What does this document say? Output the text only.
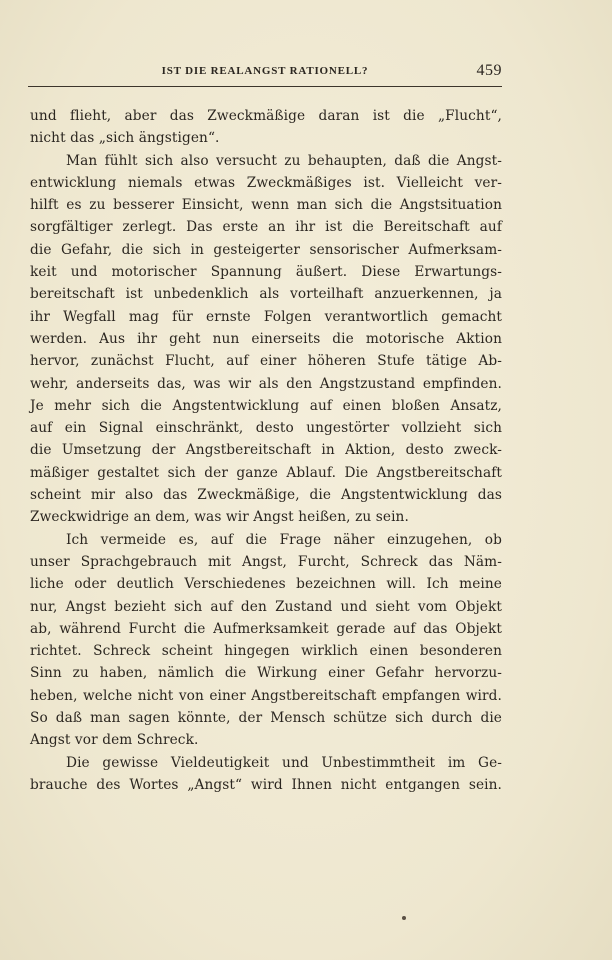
IST DIE REALANGST RATIONELL?	459
und flieht, aber das Zweckmäßige daran ist die „Flucht“,
nicht das „sich ängstigen“.
Man fühlt sich also versucht zu behaupten, daß die Angst-
entwicklung niemals etwas Zweckmäßiges ist. Vielleicht ver-
hilft es zu besserer Einsicht, wenn man sich die Angstsituation
sorgfältiger zerlegt. Das erste an ihr ist die Bereitschaft auf
die Gefahr, die sich in gesteigerter sensorischer Aufmerksam-
keit und motorischer Spannung äußert. Diese Erwartungs-
bereitschaft ist unbedenklich als vorteilhaft anzuerkennen, ja
ihr Wegfall mag für ernste Folgen verantwortlich gemacht
werden. Aus ihr geht nun einerseits die motorische Aktion
hervor, zunächst Flucht, auf einer höheren Stufe tätige Ab-
wehr, anderseits das, was wir als den Angstzustand empfinden.
Je mehr sich die Angstentwicklung auf einen bloßen Ansatz,
auf ein Signal einschränkt, desto ungestörter vollzieht sich
die Umsetzung der Angstbereitschaft in Aktion, desto zweck-
mäßiger gestaltet sich der ganze Ablauf. Die Angstbereitschaft
scheint mir also das Zweckmäßige, die Angstentwicklung das
Zweckwidrige an dem, was wir Angst heißen, zu sein.
Ich vermeide es, auf die Frage näher einzugehen, ob
unser Sprachgebrauch mit Angst, Furcht, Schreck das Näm-
liche oder deutlich Verschiedenes bezeichnen will. Ich meine
nur, Angst bezieht sich auf den Zustand und sieht vom Objekt
ab, während Furcht die Aufmerksamkeit gerade auf das Objekt
richtet. Schreck scheint hingegen wirklich einen besonderen
Sinn zu haben, nämlich die Wirkung einer Gefahr hervorzu-
heben, welche nicht von einer Angstbereitschaft empfangen wird.
So daß man sagen könnte, der Mensch schütze sich durch die
Angst vor dem Schreck.
Die gewisse Vieldeutigkeit und Unbestimmtheit im Ge-
brauche des Wortes „Angst“ wird Ihnen nicht entgangen sein.
